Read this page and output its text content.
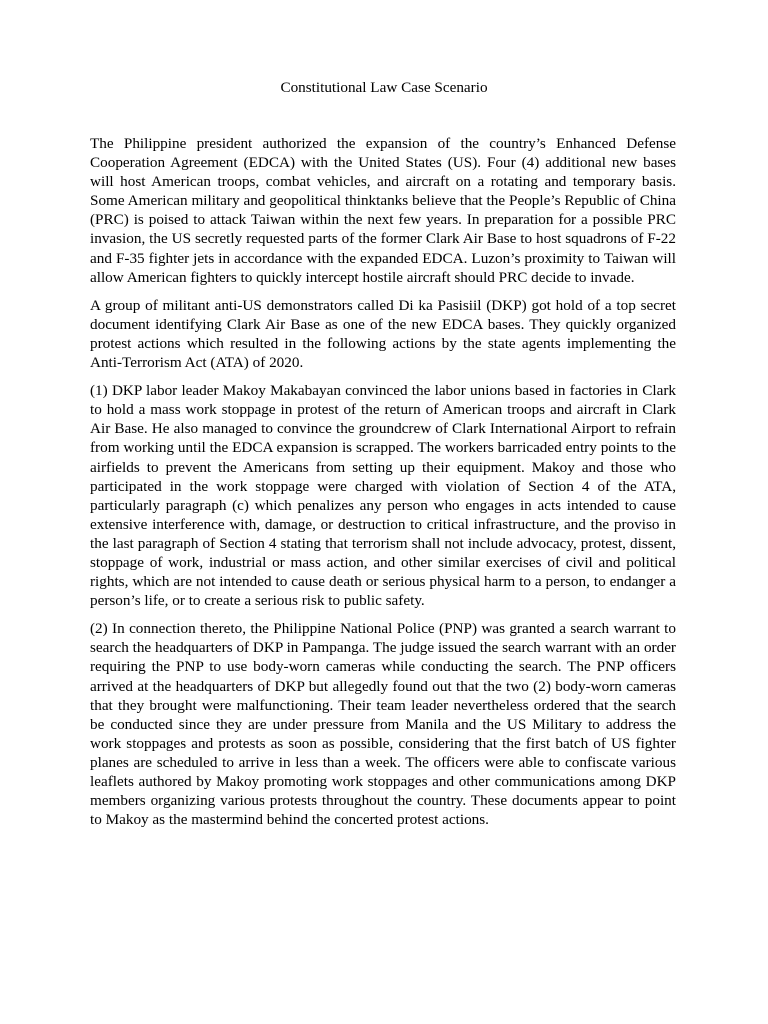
Constitutional Law Case Scenario

The Philippine president authorized the expansion of the country’s Enhanced Defense Cooperation Agreement (EDCA) with the United States (US). Four (4) additional new bases will host American troops, combat vehicles, and aircraft on a rotating and temporary basis. Some American military and geopolitical thinktanks believe that the People’s Republic of China (PRC) is poised to attack Taiwan within the next few years. In preparation for a possible PRC invasion, the US secretly requested parts of the former Clark Air Base to host squadrons of F-22 and F-35 fighter jets in accordance with the expanded EDCA. Luzon’s proximity to Taiwan will allow American fighters to quickly intercept hostile aircraft should PRC decide to invade.

A group of militant anti-US demonstrators called Di ka Pasisiil (DKP) got hold of a top secret document identifying Clark Air Base as one of the new EDCA bases. They quickly organized protest actions which resulted in the following actions by the state agents implementing the Anti-Terrorism Act (ATA) of 2020.

(1) DKP labor leader Makoy Makabayan convinced the labor unions based in factories in Clark to hold a mass work stoppage in protest of the return of American troops and aircraft in Clark Air Base. He also managed to convince the groundcrew of Clark International Airport to refrain from working until the EDCA expansion is scrapped. The workers barricaded entry points to the airfields to prevent the Americans from setting up their equipment. Makoy and those who participated in the work stoppage were charged with violation of Section 4 of the ATA, particularly paragraph (c) which penalizes any person who engages in acts intended to cause extensive interference with, damage, or destruction to critical infrastructure, and the proviso in the last paragraph of Section 4 stating that terrorism shall not include advocacy, protest, dissent, stoppage of work, industrial or mass action, and other similar exercises of civil and political rights, which are not intended to cause death or serious physical harm to a person, to endanger a person’s life, or to create a serious risk to public safety.

(2) In connection thereto, the Philippine National Police (PNP) was granted a search warrant to search the headquarters of DKP in Pampanga. The judge issued the search warrant with an order requiring the PNP to use body-worn cameras while conducting the search. The PNP officers arrived at the headquarters of DKP but allegedly found out that the two (2) body-worn cameras that they brought were malfunctioning. Their team leader nevertheless ordered that the search be conducted since they are under pressure from Manila and the US Military to address the work stoppages and protests as soon as possible, considering that the first batch of US fighter planes are scheduled to arrive in less than a week. The officers were able to confiscate various leaflets authored by Makoy promoting work stoppages and other communications among DKP members organizing various protests throughout the country. These documents appear to point to Makoy as the mastermind behind the concerted protest actions.
